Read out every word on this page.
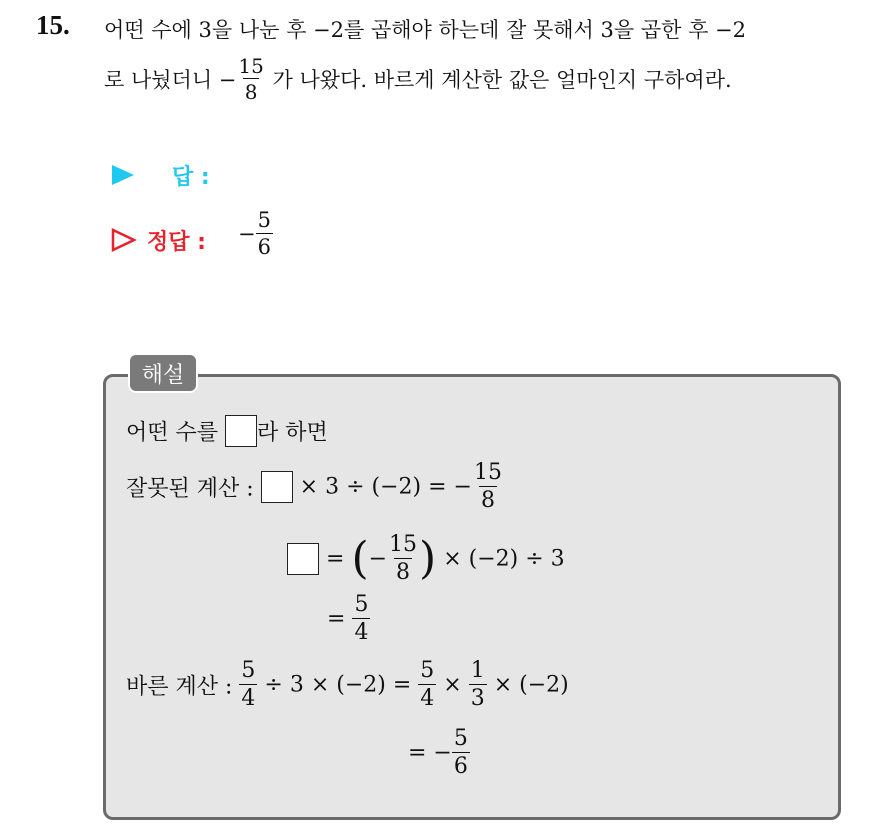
15. 어떤 수에 3을 나눈 후 −2를 곱해야 하는데 잘 못해서 3을 곱한 후 −2
로 나눴더니 − $\frac{15}{8}$ 가 나왔다. 바르게 계산한 값은 얼마인지 구하여라.
답 :
정답 : − $\frac{5}{6}$
해설
어떤 수를 라 하면
잘못된 계산 : × 3 ÷ (−2) = − $\frac{15}{8}$
= (− $\frac{15}{8}$ ) × (−2) ÷ 3
= $\frac{5}{4}$
바른 계산 : $\frac{5}{4} \div 3 \times (-2) = \frac{5}{4} \times \frac{1}{3} \times (-2)$
= − $\frac{5}{6}$
